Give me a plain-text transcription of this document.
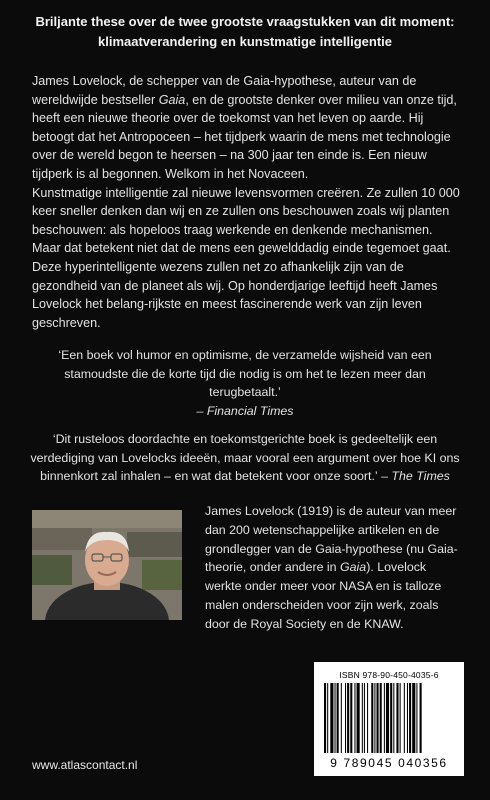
Briljante these over de twee grootste vraagstukken van dit moment: klimaatverandering en kunstmatige intelligentie

James Lovelock, de schepper van de Gaia-hypothese, auteur van de wereldwijde bestseller Gaia, en de grootste denker over milieu van onze tijd, heeft een nieuwe theorie over de toekomst van het leven op aarde. Hij betoogt dat het Antropoceen – het tijdperk waarin de mens met technologie over de wereld begon te heersen – na 300 jaar ten einde is. Een nieuw tijdperk is al begonnen. Welkom in het Novaceen.

Kunstmatige intelligentie zal nieuwe levensvormen creëren. Ze zullen 10 000 keer sneller denken dan wij en ze zullen ons beschouwen zoals wij planten beschouwen: als hopeloos traag werkende en denkende mechanismen. Maar dat betekent niet dat de mens een gewelddadig einde tegemoet gaat. Deze hyperintelligente wezens zullen net zo afhankelijk zijn van de gezondheid van de planeet als wij. Op honderdjarige leeftijd heeft James Lovelock het belang-rijkste en meest fascinerende werk van zijn leven geschreven.

‘Een boek vol humor en optimisme, de verzamelde wijsheid van een stamoudste die de korte tijd die nodig is om het te lezen meer dan terugbetaalt.’
– Financial Times
‘Dit rusteloos doordachte en toekomstgerichte boek is gedeeltelijk een verdediging van Lovelocks ideeën, maar vooral een argument over hoe KI ons binnenkort zal inhalen – en wat dat betekent voor onze soort.’ – The Times
James Lovelock (1919) is de auteur van meer dan 200 wetenschappelijke artikelen en de grondlegger van de Gaia-hypothese (nu Gaia-theorie, onder andere in Gaia). Lovelock werkte onder meer voor NASA en is talloze malen onderscheiden voor zijn werk, zoals door de Royal Society en de KNAW.
www.atlascontact.nl
ISBN 978-90-450-4035-6
9 789045 040356
